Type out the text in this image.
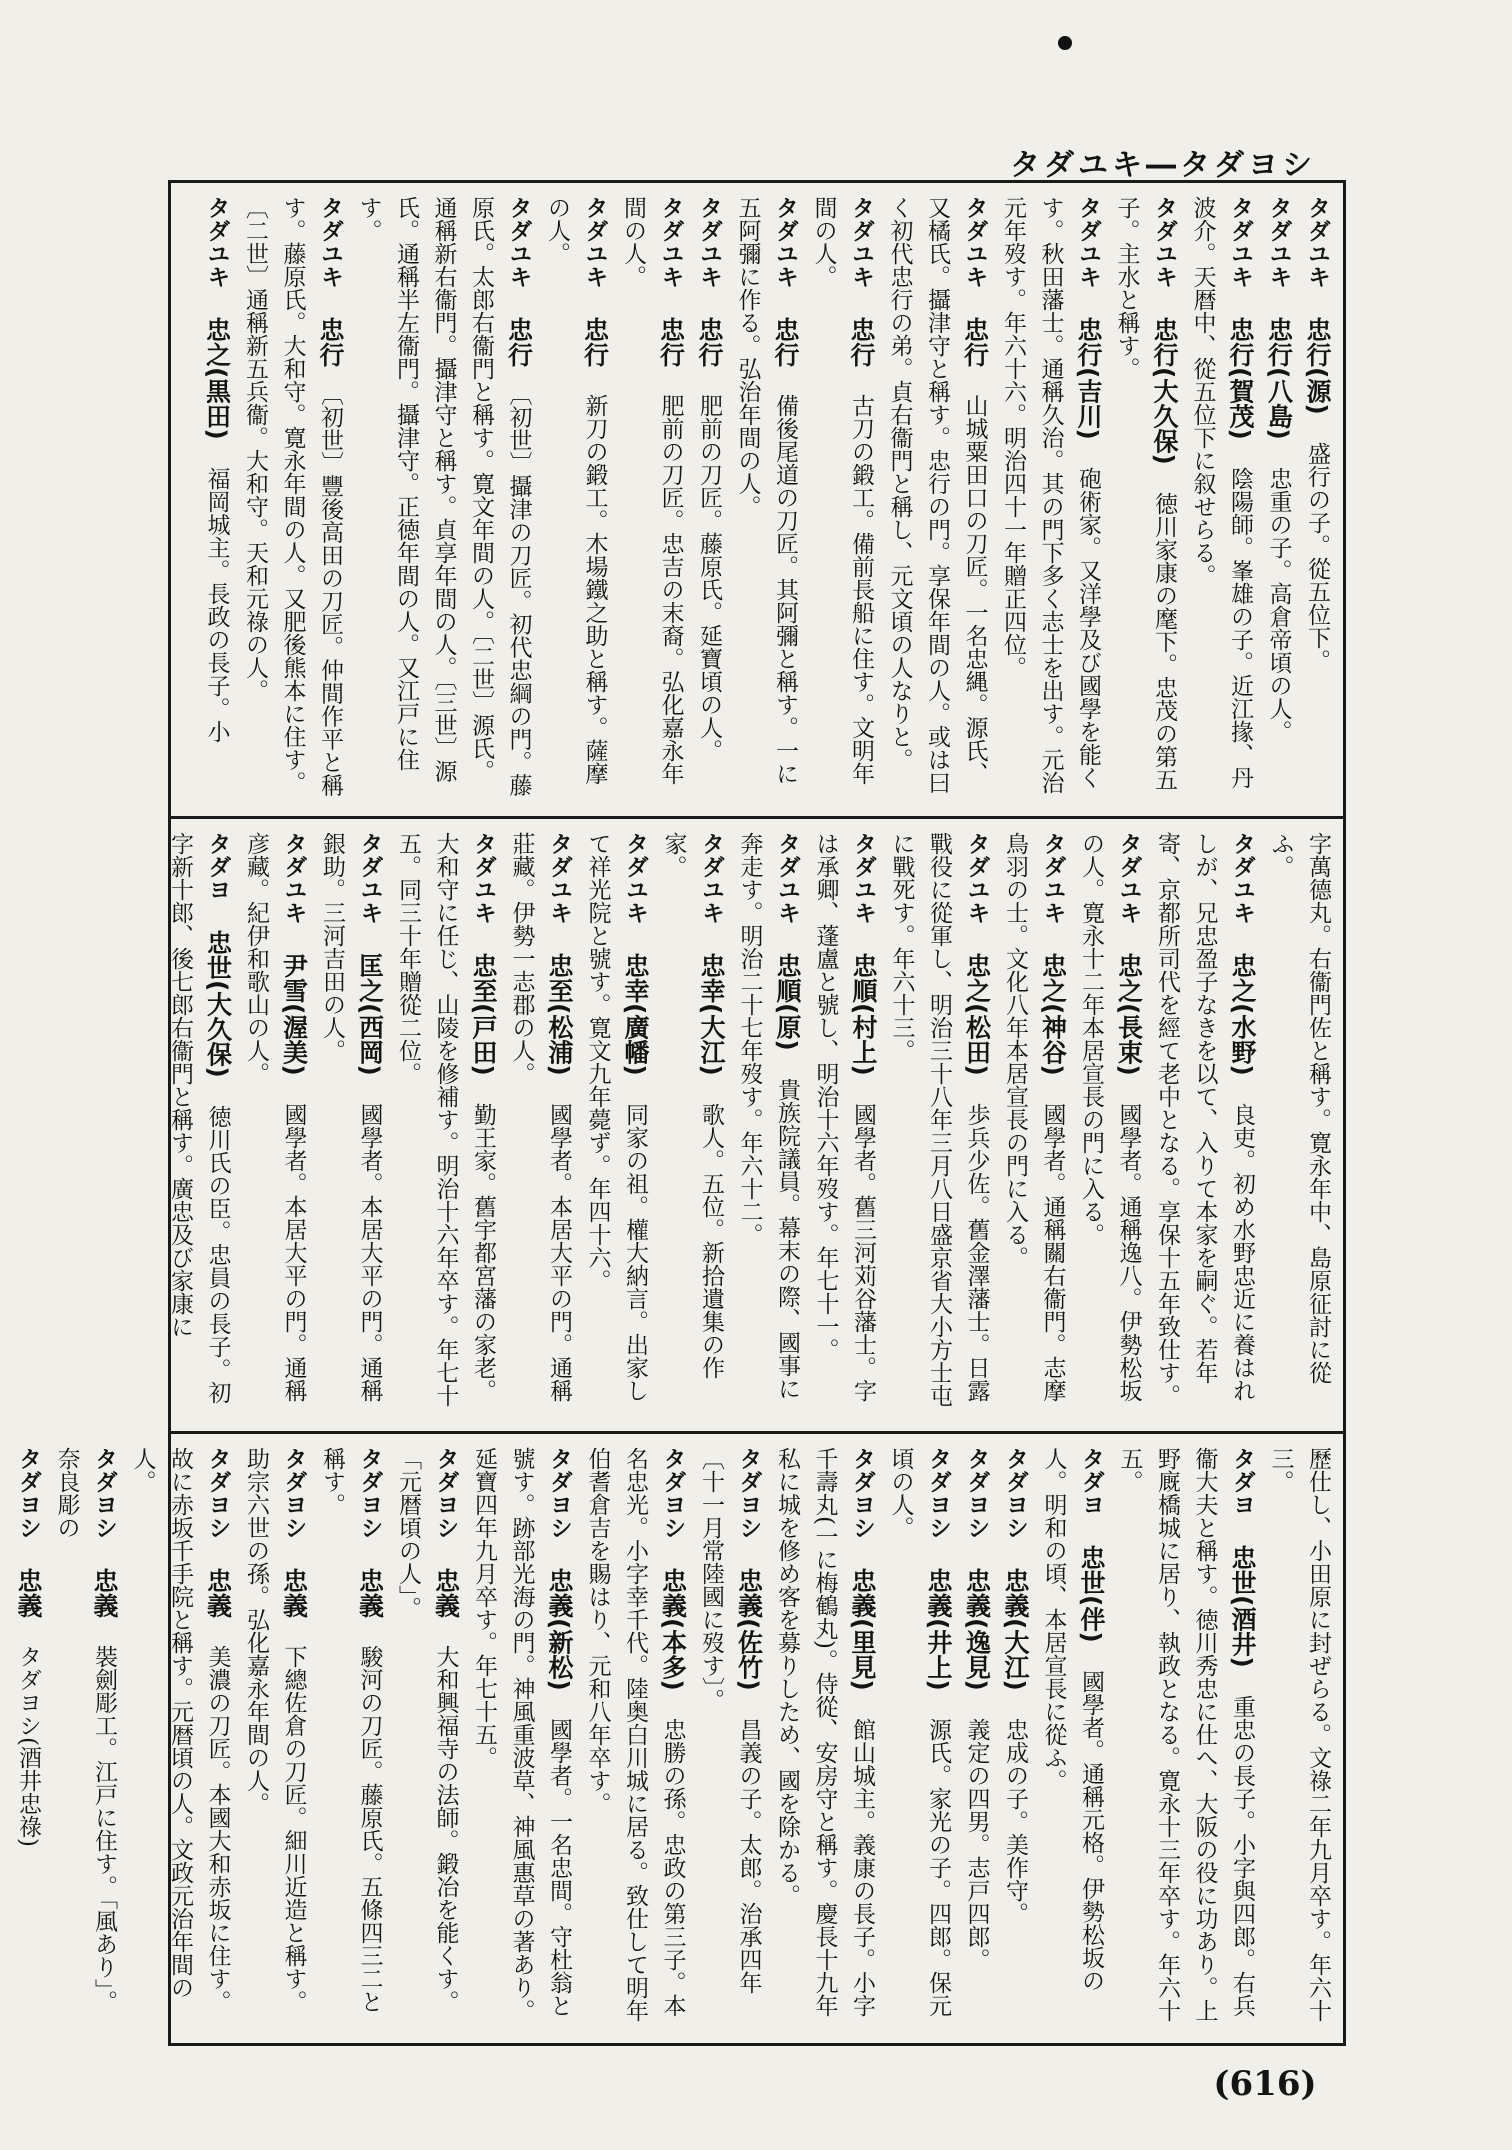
タダユキ―タダヨシ

タダユキ　忠行(源)　盛行の子。從五位下。

タダユキ　忠行(八島)　忠重の子。高倉帝頃の人。

タダユキ　忠行(賀茂)　陰陽師。峯雄の子。近江掾、丹波介。天暦中、從五位下に叙せらる。

タダユキ　忠行(大久保)　徳川家康の麾下。忠茂の第五子。主水と稱す。

タダユキ　忠行(吉川)　砲術家。又洋學及び國學を能くす。秋田藩士。通稱久治。其の門下多く志士を出す。元治元年歿す。年六十六。明治四十一年贈正四位。

タダユキ　忠行　山城粟田口の刀匠。一名忠縄。源氏、又橘氏。攝津守と稱す。忠行の門。享保年間の人。或は曰く初代忠行の弟。貞右衞門と稱し、元文頃の人なりと。

タダユキ　忠行　古刀の鍛工。備前長船に住す。文明年間の人。

タダユキ　忠行　備後尾道の刀匠。其阿彌と稱す。一に五阿彌に作る。弘治年間の人。

タダユキ　忠行　肥前の刀匠。藤原氏。延寶頃の人。

タダユキ　忠行　肥前の刀匠。忠吉の末裔。弘化嘉永年間の人。

タダユキ　忠行　新刀の鍛工。木場鐵之助と稱す。薩摩の人。

タダユキ　忠行　〔初世〕攝津の刀匠。初代忠綱の門。藤原氏。太郎右衞門と稱す。寛文年間の人。〔二世〕源氏。通稱新右衞門。攝津守と稱す。貞享年間の人。〔三世〕源氏。通稱半左衞門。攝津守。正徳年間の人。又江戸に住す。

タダユキ　忠行　〔初世〕豐後高田の刀匠。仲間作平と稱す。藤原氏。大和守。寛永年間の人。又肥後熊本に住す。〔二世〕通稱新五兵衞。大和守。天和元祿の人。

タダユキ　忠之(黒田)　福岡城主。長政の長子。小

字萬德丸。右衞門佐と稱す。寛永年中、島原征討に從ふ。

タダユキ　忠之(水野)　良吏。初め水野忠近に養はれしが、兄忠盈子なきを以て、入りて本家を嗣ぐ。若年寄、京都所司代を經て老中となる。享保十五年致仕す。

タダユキ　忠之(長束)　國學者。通稱逸八。伊勢松坂の人。寛永十二年本居宣長の門に入る。

タダユキ　忠之(神谷)　國學者。通稱關右衞門。志摩鳥羽の士。文化八年本居宣長の門に入る。

タダユキ　忠之(松田)　歩兵少佐。舊金澤藩士。日露戰役に從軍し、明治三十八年三月八日盛京省大小方士屯に戰死す。年六十三。

タダユキ　忠順(村上)　國學者。舊三河苅谷藩士。字は承卿、蓬盧と號し、明治十六年歿す。年七十一。

タダユキ　忠順(原)　貴族院議員。幕末の際、國事に奔走す。明治二十七年歿す。年六十二。

タダユキ　忠幸(大江)　歌人。五位。新拾遺集の作家。

タダユキ　忠幸(廣幡)　同家の祖。權大納言。出家して祥光院と號す。寛文九年薨ず。年四十六。

タダユキ　忠至(松浦)　國學者。本居大平の門。通稱莊藏。伊勢一志郡の人。

タダユキ　忠至(戸田)　勤王家。舊宇都宮藩の家老。大和守に任じ、山陵を修補す。明治十六年卒す。年七十五。同三十年贈從二位。

タダユキ　匡之(西岡)　國學者。本居大平の門。通稱銀助。三河吉田の人。

タダユキ　尹雪(渥美)　國學者。本居大平の門。通稱彦藏。紀伊和歌山の人。

タダヨ　忠世(大久保)　徳川氏の臣。忠員の長子。初字新十郎、後七郎右衞門と稱す。廣忠及び家康に

歷仕し、小田原に封ぜらる。文祿二年九月卒す。年六十三。

タダヨ　忠世(酒井)　重忠の長子。小字與四郎。右兵衞大夫と稱す。徳川秀忠に仕へ、大阪の役に功あり。上野廐橋城に居り、執政となる。寛永十三年卒す。年六十五。

タダヨ　忠世(伴)　國學者。通稱元格。伊勢松坂の人。明和の頃、本居宣長に從ふ。

タダヨシ　忠義(大江)　忠成の子。美作守。

タダヨシ　忠義(逸見)　義定の四男。志戸四郎。

タダヨシ　忠義(井上)　源氏。家光の子。四郎。保元頃の人。

タダヨシ　忠義(里見)　館山城主。義康の長子。小字千壽丸(一に梅鶴丸)。侍從、安房守と稱す。慶長十九年私に城を修め客を募りしため、國を除かる。

タダヨシ　忠義(佐竹)　昌義の子。太郎。治承四年〔十一月常陸國に歿す〕。

タダヨシ　忠義(本多)　忠勝の孫。忠政の第三子。本名忠光。小字幸千代。陸奥白川城に居る。致仕して明年伯耆倉吉を賜はり、元和八年卒す。

タダヨシ　忠義(新松)　國學者。一名忠間。守杜翁と號す。跡部光海の門。神風重波草、神風惠草の著あり。延寶四年九月卒す。年七十五。

タダヨシ　忠義　大和興福寺の法師。鍛冶を能くす。「元暦頃の人」。

タダヨシ　忠義　駿河の刀匠。藤原氏。五條四三二と稱す。

タダヨシ　忠義　下總佐倉の刀匠。細川近造と稱す。助宗六世の孫。弘化嘉永年間の人。

タダヨシ　忠義　美濃の刀匠。本國大和赤坂に住す。故に赤坂千手院と稱す。元暦頃の人。文政元治年間の人。

タダヨシ　忠義　裝劍彫工。江戸に住す。「風あり」。奈良彫の

タダヨシ　忠義　タダヨシ(酒井忠祿)

(616)
